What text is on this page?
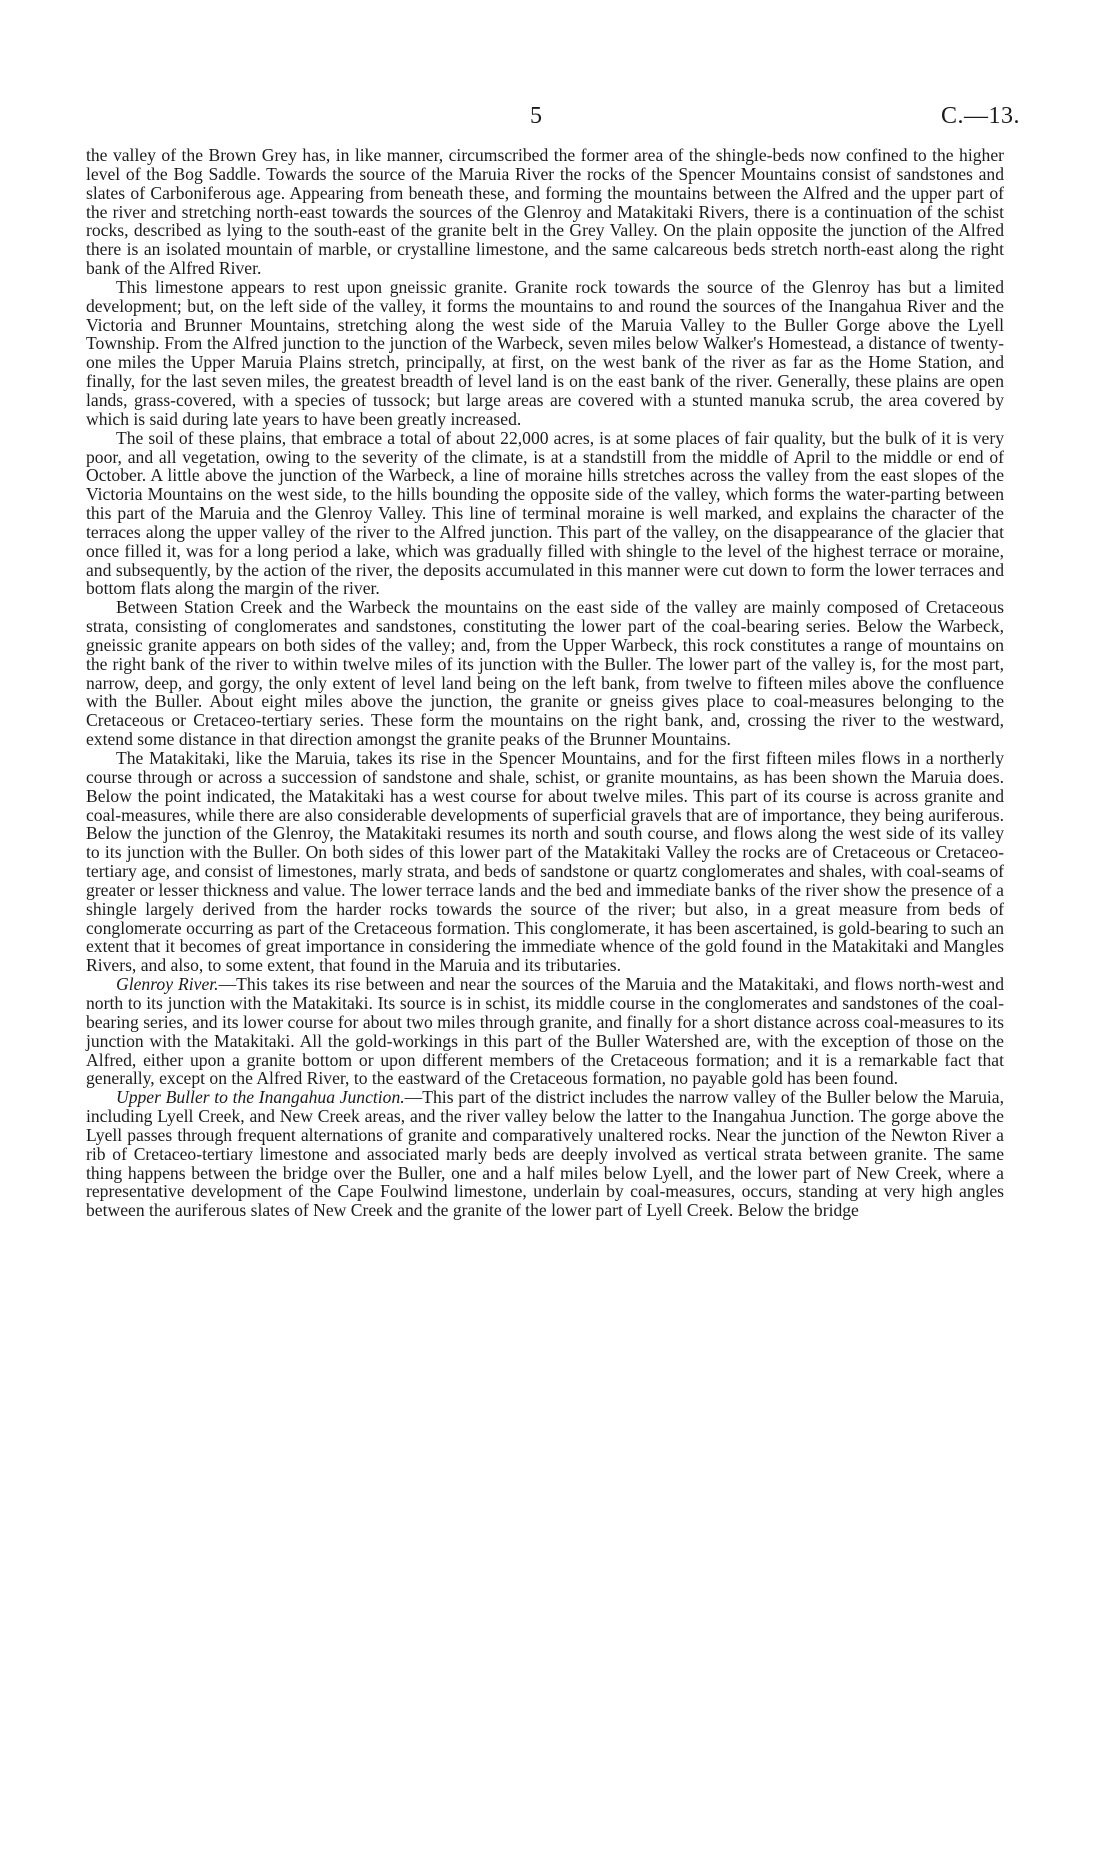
5	C.—13.

the valley of the Brown Grey has, in like manner, circumscribed the former area of the shingle-beds now confined to the higher level of the Bog Saddle. Towards the source of the Maruia River the rocks of the Spencer Mountains consist of sandstones and slates of Carboniferous age. Appearing from beneath these, and forming the mountains between the Alfred and the upper part of the river and stretching north-east towards the sources of the Glenroy and Matakitaki Rivers, there is a continuation of the schist rocks, described as lying to the south-east of the granite belt in the Grey Valley. On the plain opposite the junction of the Alfred there is an isolated mountain of marble, or crystalline limestone, and the same calcareous beds stretch north-east along the right bank of the Alfred River.

This limestone appears to rest upon gneissic granite. Granite rock towards the source of the Glenroy has but a limited development; but, on the left side of the valley, it forms the mountains to and round the sources of the Inangahua River and the Victoria and Brunner Mountains, stretching along the west side of the Maruia Valley to the Buller Gorge above the Lyell Township. From the Alfred junction to the junction of the Warbeck, seven miles below Walker's Homestead, a distance of twenty-one miles the Upper Maruia Plains stretch, principally, at first, on the west bank of the river as far as the Home Station, and finally, for the last seven miles, the greatest breadth of level land is on the east bank of the river. Generally, these plains are open lands, grass-covered, with a species of tussock; but large areas are covered with a stunted manuka scrub, the area covered by which is said during late years to have been greatly increased.

The soil of these plains, that embrace a total of about 22,000 acres, is at some places of fair quality, but the bulk of it is very poor, and all vegetation, owing to the severity of the climate, is at a standstill from the middle of April to the middle or end of October. A little above the junction of the Warbeck, a line of moraine hills stretches across the valley from the east slopes of the Victoria Mountains on the west side, to the hills bounding the opposite side of the valley, which forms the water-parting between this part of the Maruia and the Glenroy Valley. This line of terminal moraine is well marked, and explains the character of the terraces along the upper valley of the river to the Alfred junction. This part of the valley, on the disappearance of the glacier that once filled it, was for a long period a lake, which was gradually filled with shingle to the level of the highest terrace or moraine, and subsequently, by the action of the river, the deposits accumulated in this manner were cut down to form the lower terraces and bottom flats along the margin of the river.

Between Station Creek and the Warbeck the mountains on the east side of the valley are mainly composed of Cretaceous strata, consisting of conglomerates and sandstones, constituting the lower part of the coal-bearing series. Below the Warbeck, gneissic granite appears on both sides of the valley; and, from the Upper Warbeck, this rock constitutes a range of mountains on the right bank of the river to within twelve miles of its junction with the Buller. The lower part of the valley is, for the most part, narrow, deep, and gorgy, the only extent of level land being on the left bank, from twelve to fifteen miles above the confluence with the Buller. About eight miles above the junction, the granite or gneiss gives place to coal-measures belonging to the Cretaceous or Cretaceo-tertiary series. These form the mountains on the right bank, and, crossing the river to the westward, extend some distance in that direction amongst the granite peaks of the Brunner Mountains.

The Matakitaki, like the Maruia, takes its rise in the Spencer Mountains, and for the first fifteen miles flows in a northerly course through or across a succession of sandstone and shale, schist, or granite mountains, as has been shown the Maruia does. Below the point indicated, the Matakitaki has a west course for about twelve miles. This part of its course is across granite and coal-measures, while there are also considerable developments of superficial gravels that are of importance, they being auriferous. Below the junction of the Glenroy, the Matakitaki resumes its north and south course, and flows along the west side of its valley to its junction with the Buller. On both sides of this lower part of the Matakitaki Valley the rocks are of Cretaceous or Cretaceo-tertiary age, and consist of limestones, marly strata, and beds of sandstone or quartz conglomerates and shales, with coal-seams of greater or lesser thickness and value. The lower terrace lands and the bed and immediate banks of the river show the presence of a shingle largely derived from the harder rocks towards the source of the river; but also, in a great measure from beds of conglomerate occurring as part of the Cretaceous formation. This conglomerate, it has been ascertained, is gold-bearing to such an extent that it becomes of great importance in considering the immediate whence of the gold found in the Matakitaki and Mangles Rivers, and also, to some extent, that found in the Maruia and its tributaries.

Glenroy River.—This takes its rise between and near the sources of the Maruia and the Matakitaki, and flows north-west and north to its junction with the Matakitaki. Its source is in schist, its middle course in the conglomerates and sandstones of the coal-bearing series, and its lower course for about two miles through granite, and finally for a short distance across coal-measures to its junction with the Matakitaki. All the gold-workings in this part of the Buller Watershed are, with the exception of those on the Alfred, either upon a granite bottom or upon different members of the Cretaceous formation; and it is a remarkable fact that generally, except on the Alfred River, to the eastward of the Cretaceous formation, no payable gold has been found.

Upper Buller to the Inangahua Junction.—This part of the district includes the narrow valley of the Buller below the Maruia, including Lyell Creek, and New Creek areas, and the river valley below the latter to the Inangahua Junction. The gorge above the Lyell passes through frequent alternations of granite and comparatively unaltered rocks. Near the junction of the Newton River a rib of Cretaceo-tertiary limestone and associated marly beds are deeply involved as vertical strata between granite. The same thing happens between the bridge over the Buller, one and a half miles below Lyell, and the lower part of New Creek, where a representative development of the Cape Foulwind limestone, underlain by coal-measures, occurs, standing at very high angles between the auriferous slates of New Creek and the granite of the lower part of Lyell Creek. Below the bridge
